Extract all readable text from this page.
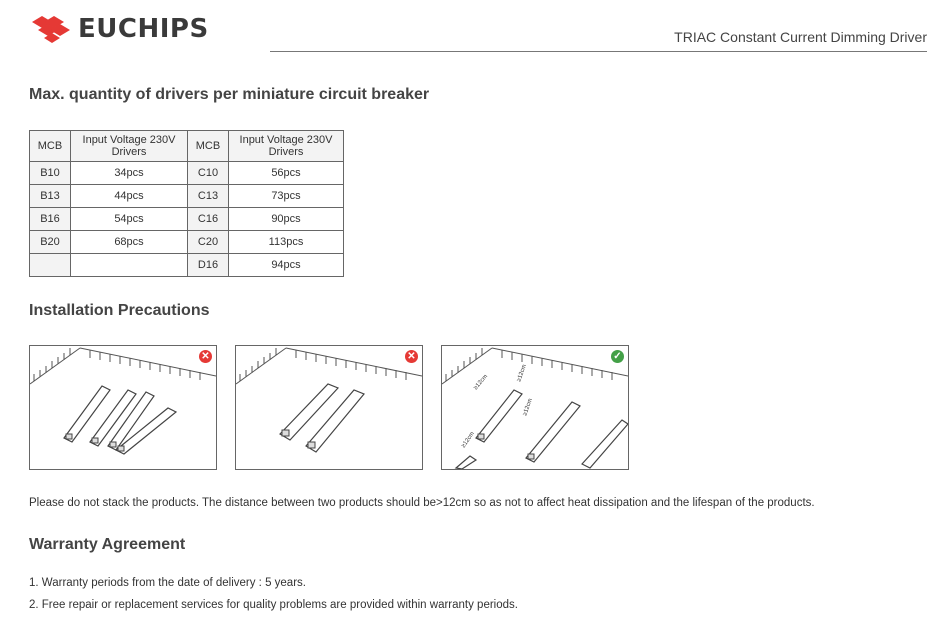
EUCHIPS	TRIAC Constant Current Dimming Driver
Max. quantity of drivers per miniature circuit breaker
MCB	Input Voltage 230V Drivers	MCB	Input Voltage 230V Drivers
B10	34pcs	C10	56pcs
B13	44pcs	C13	73pcs
B16	54pcs	C16	90pcs
B20	68pcs	C20	113pcs
		D16	94pcs
Installation Precautions
✕	✕
≥12cm	≥12cm
≥12cm
≥12cm
✓
Please do not stack the products. The distance between two products should be>12cm so as not to affect heat dissipation and the lifespan of the products.
Warranty Agreement
1. Warranty periods from the date of delivery : 5 years.
2. Free repair or replacement services for quality problems are provided within warranty periods.
